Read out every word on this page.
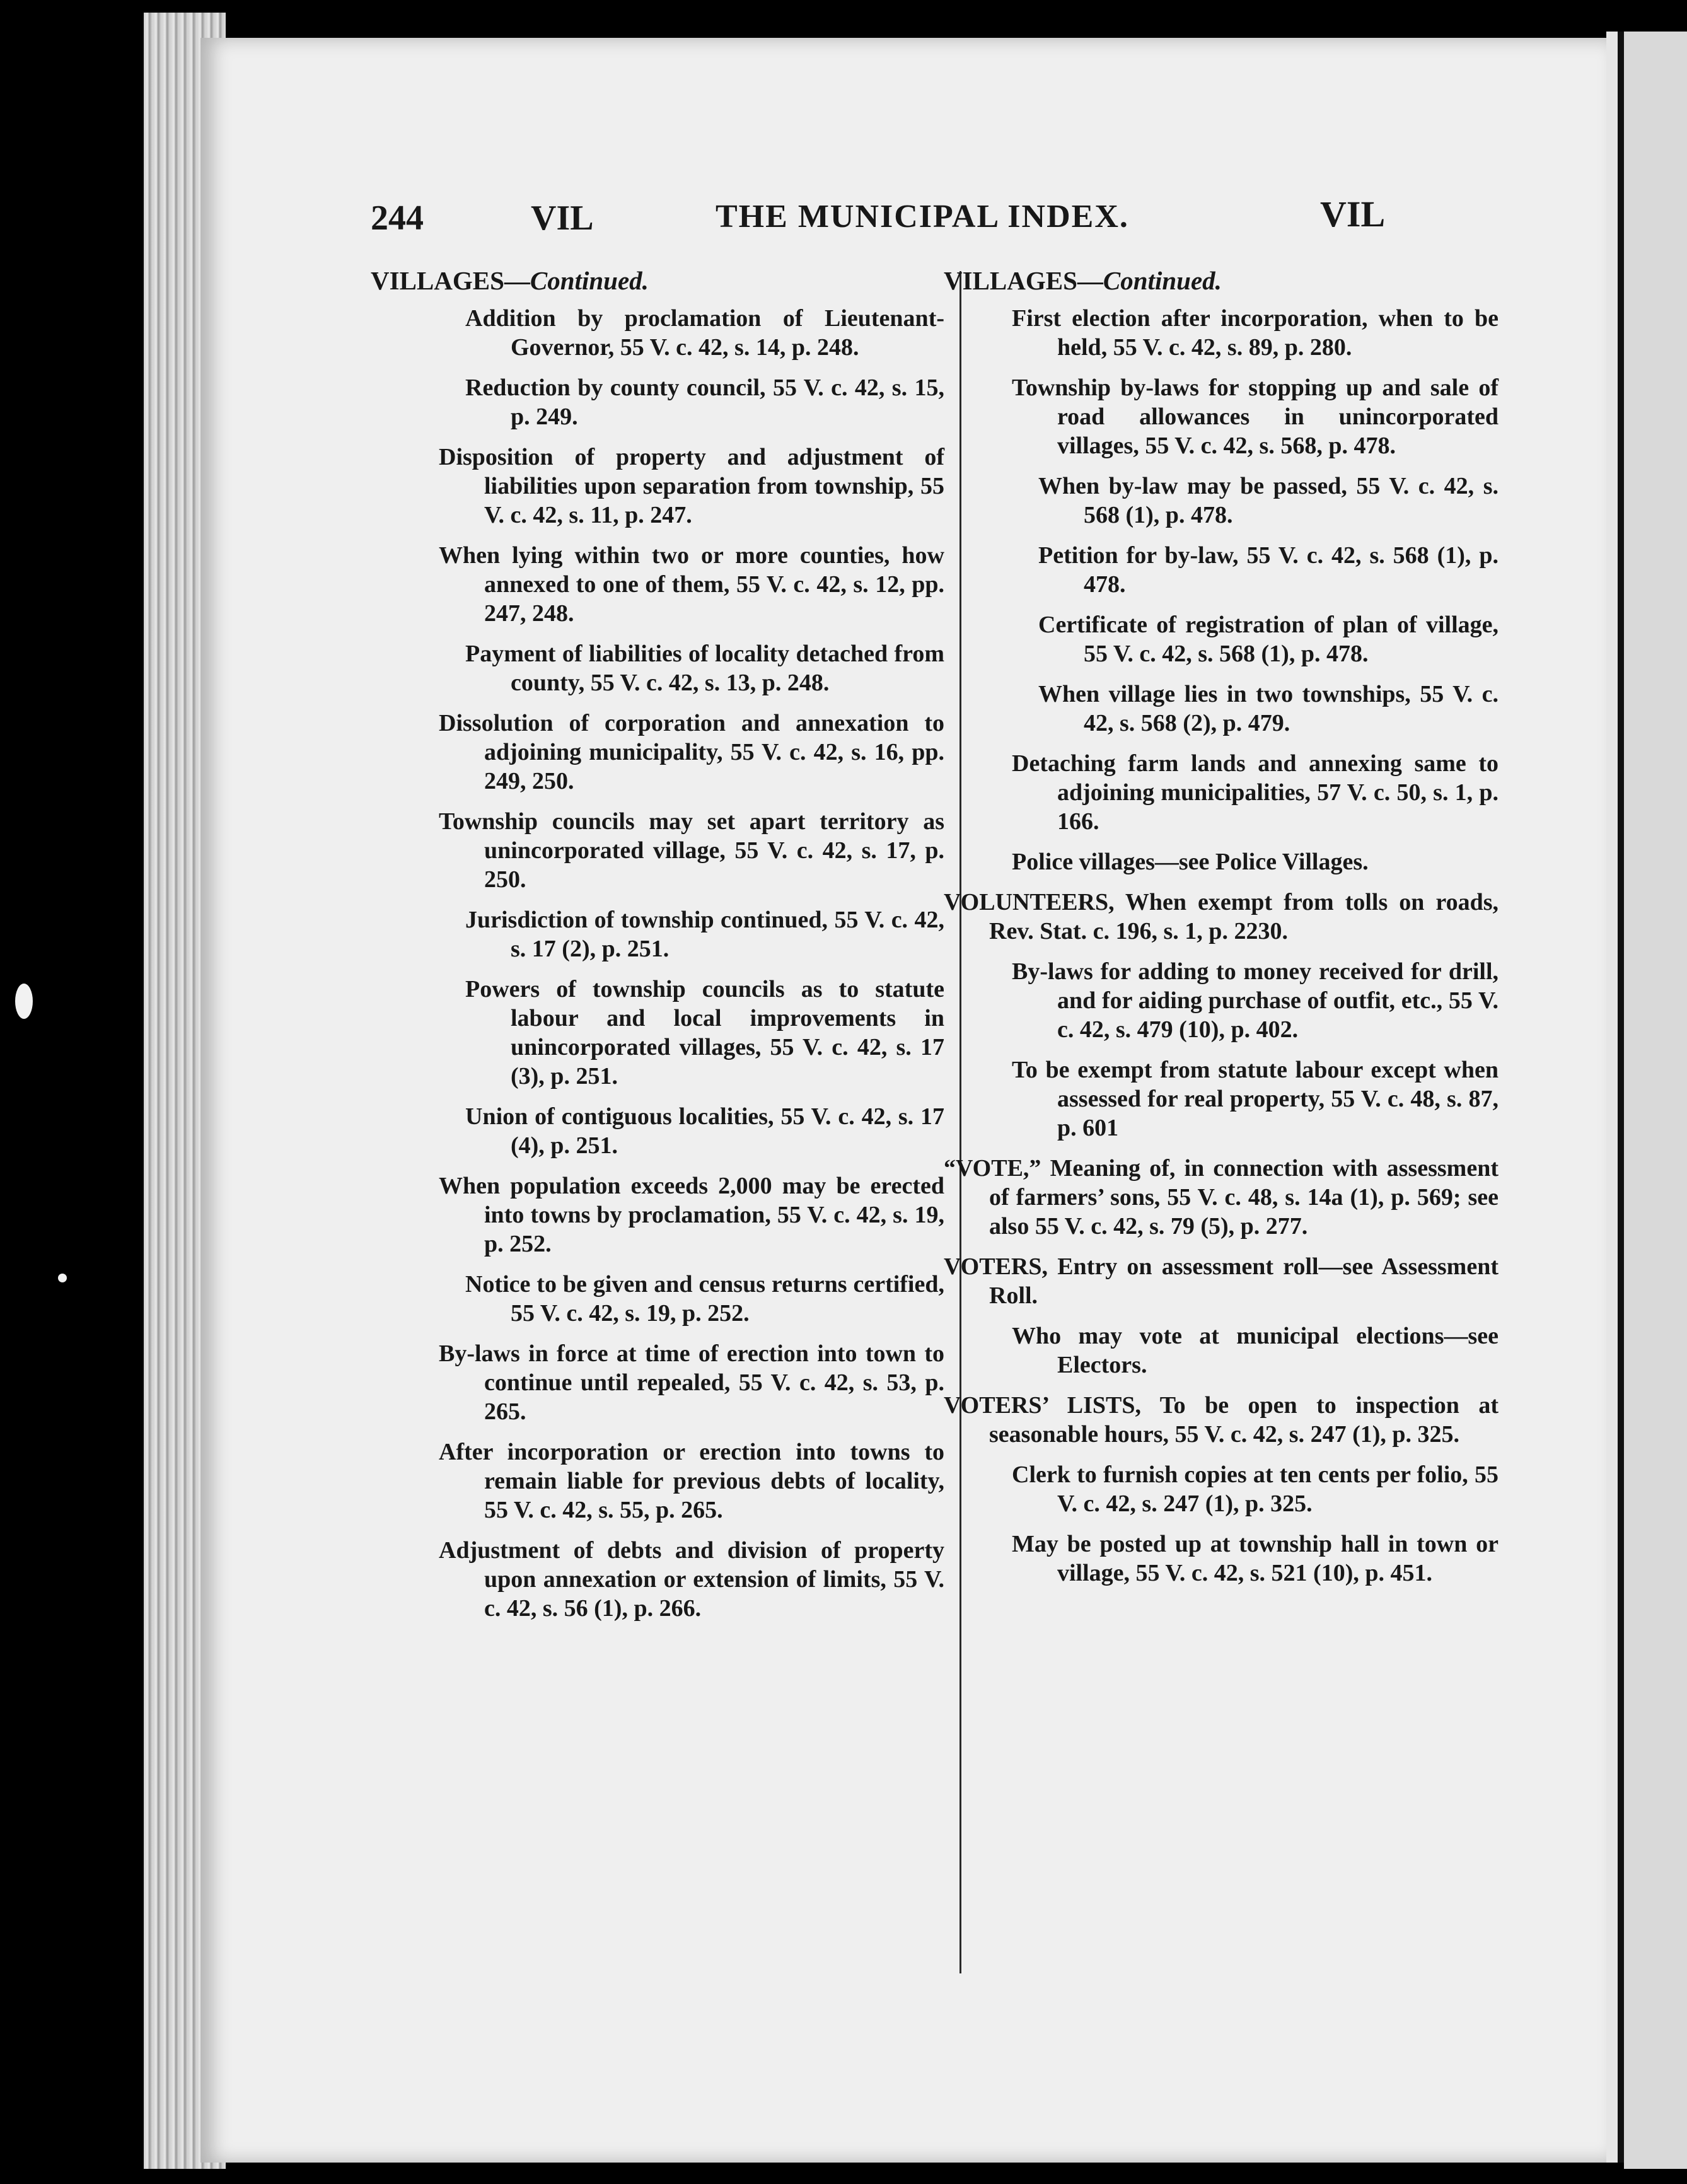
244	VIL	THE MUNICIPAL INDEX.	VIL
VILLAGES—Continued.

Addition by proclamation of Lieutenant-Governor, 55 V. c. 42, s. 14, p. 248.

Reduction by county council, 55 V. c. 42, s. 15, p. 249.

Disposition of property and adjustment of liabilities upon separation from township, 55 V. c. 42, s. 11, p. 247.

When lying within two or more counties, how annexed to one of them, 55 V. c. 42, s. 12, pp. 247, 248.

Payment of liabilities of locality detached from county, 55 V. c. 42, s. 13, p. 248.

Dissolution of corporation and annexation to adjoining municipality, 55 V. c. 42, s. 16, pp. 249, 250.

Township councils may set apart territory as unincorporated village, 55 V. c. 42, s. 17, p. 250.

Jurisdiction of township continued, 55 V. c. 42, s. 17 (2), p. 251.

Powers of township councils as to statute labour and local improvements in unincorporated villages, 55 V. c. 42, s. 17 (3), p. 251.

Union of contiguous localities, 55 V. c. 42, s. 17 (4), p. 251.

When population exceeds 2,000 may be erected into towns by proclamation, 55 V. c. 42, s. 19, p. 252.

Notice to be given and census returns certified, 55 V. c. 42, s. 19, p. 252.

By-laws in force at time of erection into town to continue until repealed, 55 V. c. 42, s. 53, p. 265.

After incorporation or erection into towns to remain liable for previous debts of locality, 55 V. c. 42, s. 55, p. 265.

Adjustment of debts and division of property upon annexation or extension of limits, 55 V. c. 42, s. 56 (1), p. 266.

VILLAGES—Continued.

First election after incorporation, when to be held, 55 V. c. 42, s. 89, p. 280.

Township by-laws for stopping up and sale of road allowances in unincorporated villages, 55 V. c. 42, s. 568, p. 478.

When by-law may be passed, 55 V. c. 42, s. 568 (1), p. 478.

Petition for by-law, 55 V. c. 42, s. 568 (1), p. 478.

Certificate of registration of plan of village, 55 V. c. 42, s. 568 (1), p. 478.

When village lies in two townships, 55 V. c. 42, s. 568 (2), p. 479.

Detaching farm lands and annexing same to adjoining municipalities, 57 V. c. 50, s. 1, p. 166.

Police villages—see Police Villages.

VOLUNTEERS, When exempt from tolls on roads, Rev. Stat. c. 196, s. 1, p. 2230.

By-laws for adding to money received for drill, and for aiding purchase of outfit, etc., 55 V. c. 42, s. 479 (10), p. 402.

To be exempt from statute labour except when assessed for real property, 55 V. c. 48, s. 87, p. 601

“VOTE,” Meaning of, in connection with assessment of farmers’ sons, 55 V. c. 48, s. 14a (1), p. 569; see also 55 V. c. 42, s. 79 (5), p. 277.

VOTERS, Entry on assessment roll—see Assessment Roll.

Who may vote at municipal elections—see Electors.

VOTERS’ LISTS, To be open to inspection at seasonable hours, 55 V. c. 42, s. 247 (1), p. 325.

Clerk to furnish copies at ten cents per folio, 55 V. c. 42, s. 247 (1), p. 325.

May be posted up at township hall in town or village, 55 V. c. 42, s. 521 (10), p. 451.
